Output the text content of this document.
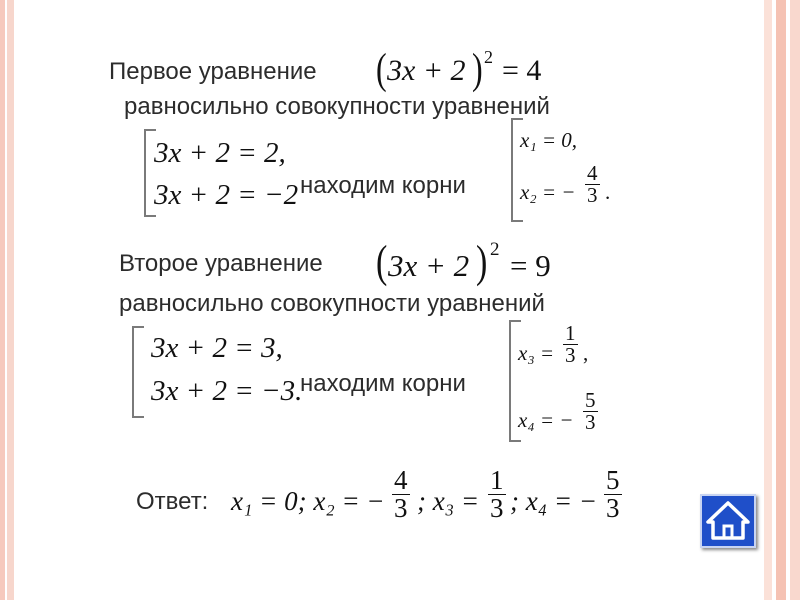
Первое уравнение ( 3x + 2 ) 2 = 4
равносильно совокупности уравнений
3x + 2 = 2,
3x + 2 = −2 находим корни
x₁ = 0,
x₂ = − $\frac{4}{3}$ .
Второе уравнение ( 3x + 2 ) 2 = 9
равносильно совокупности уравнений
3x + 2 = 3,
3x + 2 = −3.
находим корни
$x_3 = \frac{1}{3}$ ,
x₄ = − $\frac{5}{3}$
Ответ: x₁ = 0; x₂ = − $\frac{4}{3}$ ; $x_3 = \frac{1}{3}$ ; x₄ = − $\frac{5}{3}$
